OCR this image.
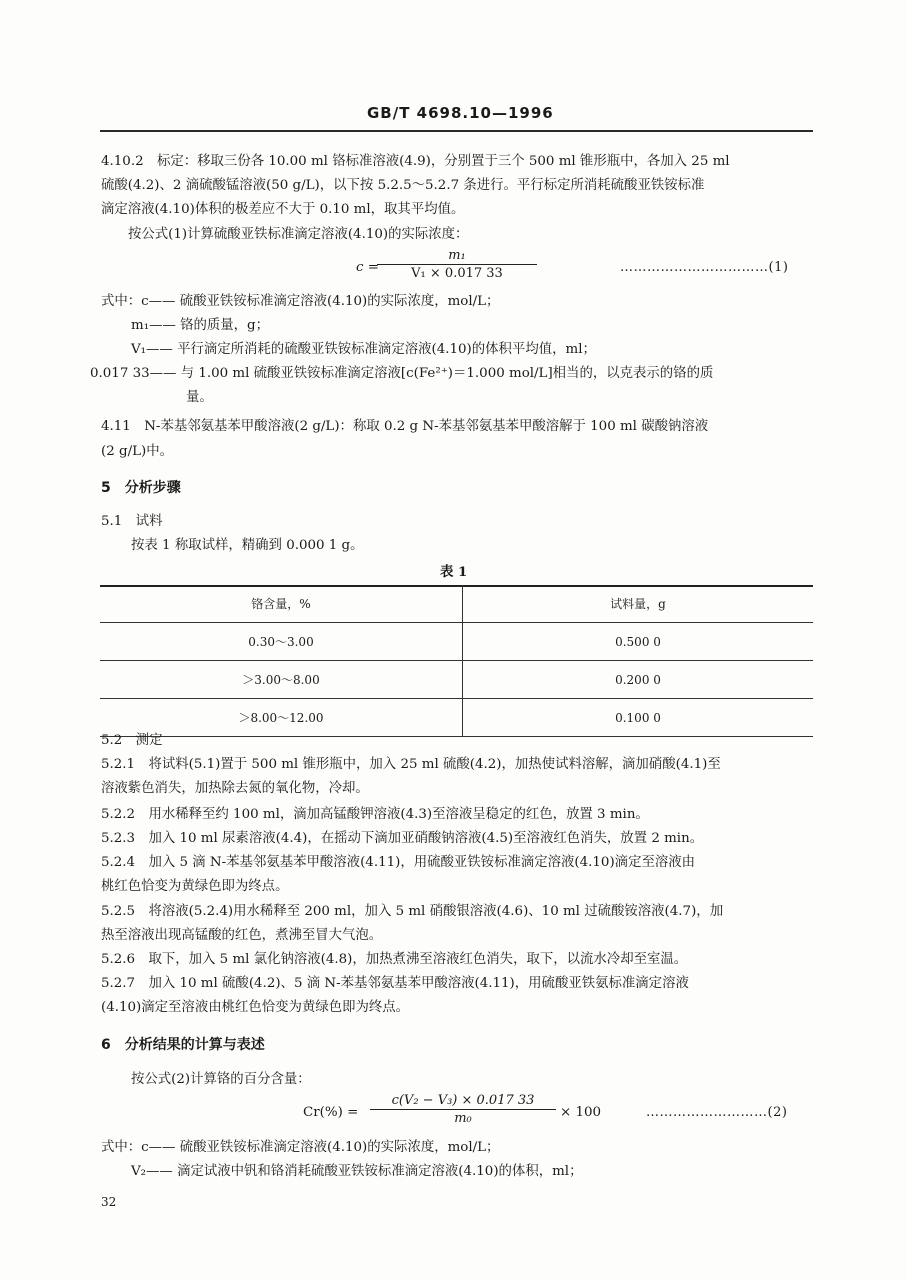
GB/T 4698.10—1996
4.10.2　标定：移取三份各 10.00 ml 铬标准溶液(4.9)，分别置于三个 500 ml 锥形瓶中，各加入 25 ml
硫酸(4.2)、2 滴硫酸锰溶液(50 g/L)，以下按 5.2.5～5.2.7 条进行。平行标定所消耗硫酸亚铁铵标准
滴定溶液(4.10)体积的极差应不大于 0.10 ml，取其平均值。
按公式(1)计算硫酸亚铁标准滴定溶液(4.10)的实际浓度：
c =
$\frac{\text{m₁}}{\text{V₁ × 0.017 33}}$	……………………………(1)
式中：c—— 硫酸亚铁铵标准滴定溶液(4.10)的实际浓度，mol/L；
m₁—— 铬的质量，g；
V₁—— 平行滴定所消耗的硫酸亚铁铵标准滴定溶液(4.10)的体积平均值，ml；
0.017 33—— 与 1.00 ml 硫酸亚铁铵标准滴定溶液[c(Fe²⁺)＝1.000 mol/L]相当的，以克表示的铬的质
量。
4.11　N-苯基邻氨基苯甲酸溶液(2 g/L)：称取 0.2 g N-苯基邻氨基苯甲酸溶解于 100 ml 碳酸钠溶液
(2 g/L)中。
5　分析步骤
5.1　试料
按表 1 称取试样，精确到 0.000 1 g。
表 1
铬含量，%	试料量，g
0.30～3.00	0.500 0
＞3.00～8.00	0.200 0
＞8.00～12.00	0.100 0
5.2　测定
5.2.1　将试料(5.1)置于 500 ml 锥形瓶中，加入 25 ml 硫酸(4.2)，加热使试料溶解，滴加硝酸(4.1)至
溶液紫色消失，加热除去氮的氧化物，冷却。
5.2.2　用水稀释至约 100 ml，滴加高锰酸钾溶液(4.3)至溶液呈稳定的红色，放置 3 min。
5.2.3　加入 10 ml 尿素溶液(4.4)，在摇动下滴加亚硝酸钠溶液(4.5)至溶液红色消失，放置 2 min。
5.2.4　加入 5 滴 N-苯基邻氨基苯甲酸溶液(4.11)，用硫酸亚铁铵标准滴定溶液(4.10)滴定至溶液由
桃红色恰变为黄绿色即为终点。
5.2.5　将溶液(5.2.4)用水稀释至 200 ml，加入 5 ml 硝酸银溶液(4.6)、10 ml 过硫酸铵溶液(4.7)，加
热至溶液出现高锰酸的红色，煮沸至冒大气泡。
5.2.6　取下，加入 5 ml 氯化钠溶液(4.8)，加热煮沸至溶液红色消失，取下，以流水冷却至室温。
5.2.7　加入 10 ml 硫酸(4.2)、5 滴 N-苯基邻氨基苯甲酸溶液(4.11)，用硫酸亚铁氨标准滴定溶液
(4.10)滴定至溶液由桃红色恰变为黄绿色即为终点。
6　分析结果的计算与表述
按公式(2)计算铬的百分含量：
$Cr(\%) = \frac{\text{c(V₂ − V₃) × 0.017 33}}{\text{m₀}} \times 100$	………………………(2)
式中：c—— 硫酸亚铁铵标准滴定溶液(4.10)的实际浓度，mol/L；
V₂—— 滴定试液中钒和铬消耗硫酸亚铁铵标准滴定溶液(4.10)的体积，ml；
32
